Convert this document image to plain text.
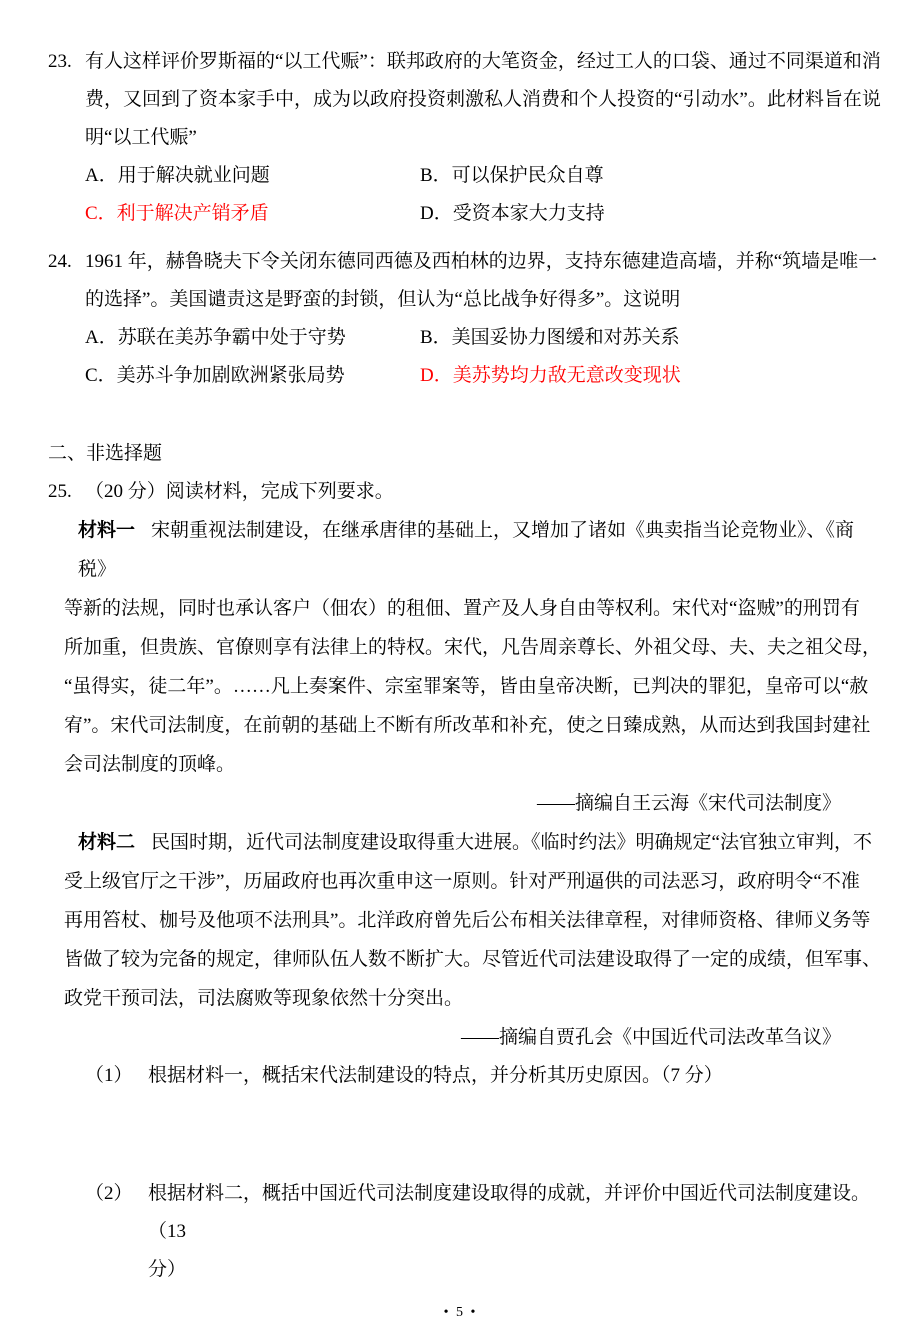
23. 有人这样评价罗斯福的“以工代赈”：联邦政府的大笔资金，经过工人的口袋、通过不同渠道和消
费，又回到了资本家手中，成为以政府投资刺激私人消费和个人投资的“引动水”。此材料旨在说
明“以工代赈”
A．用于解决就业问题	B．可以保护民众自尊
C．利于解决产销矛盾	D．受资本家大力支持
24. 1961 年，赫鲁晓夫下令关闭东德同西德及西柏林的边界，支持东德建造高墙，并称“筑墙是唯一
的选择”。美国谴责这是野蛮的封锁，但认为“总比战争好得多”。这说明
A．苏联在美苏争霸中处于守势	B．美国妥协力图缓和对苏关系
C．美苏斗争加剧欧洲紧张局势	D．美苏势均力敌无意改变现状
二、非选择题
25. （20 分）阅读材料，完成下列要求。
材料一 宋朝重视法制建设，在继承唐律的基础上，又增加了诸如《典卖指当论竞物业》、《商税》
等新的法规，同时也承认客户（佃农）的租佃、置产及人身自由等权利。宋代对“盗贼”的刑罚有
所加重，但贵族、官僚则享有法律上的特权。宋代，凡告周亲尊长、外祖父母、夫、夫之祖父母，
“虽得实，徒二年”。……凡上奏案件、宗室罪案等，皆由皇帝决断，已判决的罪犯，皇帝可以“赦
宥”。宋代司法制度，在前朝的基础上不断有所改革和补充，使之日臻成熟，从而达到我国封建社
会司法制度的顶峰。
——摘编自王云海《宋代司法制度》
材料二 民国时期，近代司法制度建设取得重大进展。《临时约法》明确规定“法官独立审判，不
受上级官厅之干涉”，历届政府也再次重申这一原则。针对严刑逼供的司法恶习，政府明令“不准
再用笞杖、枷号及他项不法刑具”。北洋政府曾先后公布相关法律章程，对律师资格、律师义务等
皆做了较为完备的规定，律师队伍人数不断扩大。尽管近代司法建设取得了一定的成绩，但军事、
政党干预司法，司法腐败等现象依然十分突出。
——摘编自贾孔会《中国近代司法改革刍议》
（1） 根据材料一，概括宋代法制建设的特点，并分析其历史原因。（7 分）
（2） 根据材料二，概括中国近代司法制度建设取得的成就，并评价中国近代司法制度建设。（13
分）
• 5 •
